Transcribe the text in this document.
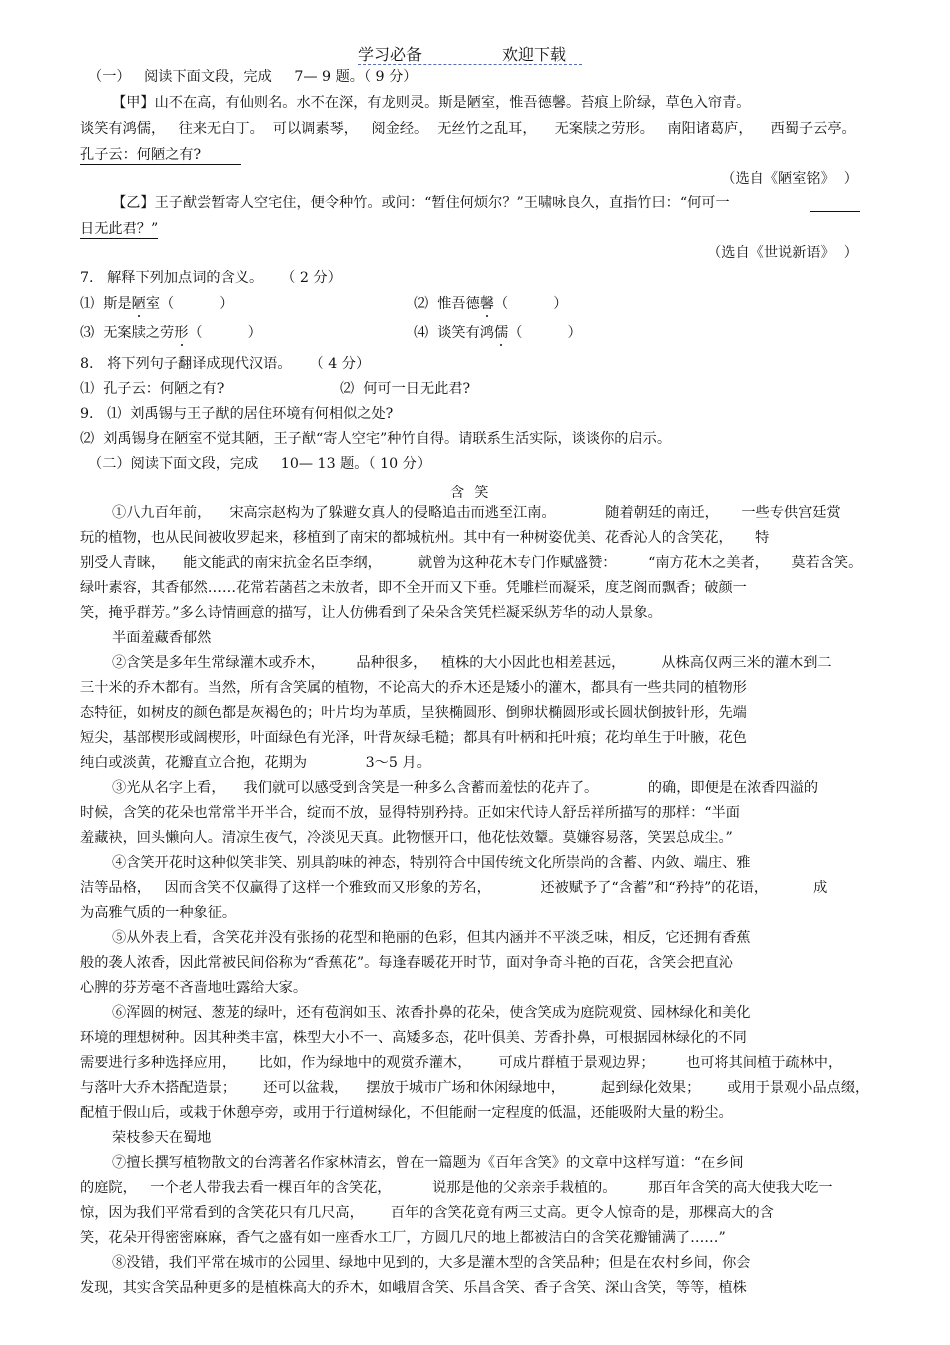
学习必备	欢迎下载
（一）   阅读下面文段，完成     7— 9 题。（ 9 分）
【甲】山不在高，有仙则名。水不在深，有龙则灵。斯是陋室，惟吾德馨。苔痕上阶绿，草色入帘青。
谈笑有鸿儒，   往来无白丁。  可以调素琴，   阅金经。  无丝竹之乱耳，    无案牍之劳形。   南阳诸葛庐，    西蜀子云亭。
孔子云：何陋之有?
（选自《陋室铭》  ）
【乙】王子猷尝暂寄人空宅住，便令种竹。或问：“暂住何烦尔？”王啸咏良久，直指竹曰：“何可一
日无此君？”
（选自《世说新语》  ）
7.   解释下列加点词的含义。    （ 2 分）
⑴ 斯是陋室（          ）	⑵ 惟吾德馨（          ）
⑶ 无案牍之劳形（          ）	⑷ 谈笑有鸿儒（          ）
8.   将下列句子翻译成现代汉语。    （ 4 分）
⑴  孔子云：何陋之有?	⑵  何可一日无此君?
9.   ⑴  刘禹锡与王子猷的居住环境有何相似之处?
⑵  刘禹锡身在陋室不觉其陋，王子猷“寄人空宅”种竹自得。请联系生活实际，谈谈你的启示。
（二）阅读下面文段，完成     10— 13 题。（ 10 分）
含笑
①八九百年前，    宋高宗赵构为了躲避女真人的侵略追击而逃至江南。           随着朝廷的南迁，     一些专供宫廷赏
玩的植物，也从民间被收罗起来，移植到了南宋的都城杭州。其中有一种树姿优美、花香沁人的含笑花，     特
别受人青睐，    能文能武的南宋抗金名臣李纲，        就曾为这种花木专门作赋盛赞：       “南方花木之美者，     莫若含笑。
绿叶素容，其香郁然……花常若菡萏之未放者，即不全开而又下垂。凭雕栏而凝采，度芝阁而飘香；破颜一
笑，掩乎群芳。”多么诗情画意的描写，让人仿佛看到了朵朵含笑凭栏凝采纵芳华的动人景象。
半面羞藏香郁然
②含笑是多年生常绿灌木或乔木，       品种很多，   植株的大小因此也相差甚远，        从株高仅两三米的灌木到二
三十米的乔木都有。当然，所有含笑属的植物，不论高大的乔木还是矮小的灌木，都具有一些共同的植物形
态特征，如树皮的颜色都是灰褐色的；叶片均为革质，呈狭椭圆形、倒卵状椭圆形或长圆状倒披针形，先端
短尖，基部楔形或阔楔形，叶面绿色有光泽，叶背灰绿毛糙；都具有叶柄和托叶痕；花均单生于叶腋，花色
纯白或淡黄，花瓣直立合抱，花期为             3～5 月。
③光从名字上看，    我们就可以感受到含笑是一种多么含蓄而羞怯的花卉了。           的确，即便是在浓香四溢的
时候，含笑的花朵也常常半开半合，绽而不放，显得特别矜持。正如宋代诗人舒岳祥所描写的那样：“半面
羞藏袂，回头懒向人。清凉生夜气，冷淡见天真。此物惬开口，他花怯效颦。莫嫌容易落，笑罢总成尘。”
④含笑开花时这种似笑非笑、别具韵味的神态，特别符合中国传统文化所崇尚的含蓄、内敛、端庄、雅
洁等品格，   因而含笑不仅赢得了这样一个雅致而又形象的芳名，           还被赋予了“含蓄”和“矜持”的花语，          成
为高雅气质的一种象征。
⑤从外表上看，含笑花并没有张扬的花型和艳丽的色彩，但其内涵并不平淡乏味，相反，它还拥有香蕉
般的袭人浓香，因此常被民间俗称为“香蕉花”。每逢春暖花开时节，面对争奇斗艳的百花，含笑会把直沁
心脾的芬芳毫不吝啬地吐露给大家。
⑥浑圆的树冠、葱茏的绿叶，还有苞润如玉、浓香扑鼻的花朵，使含笑成为庭院观赏、园林绿化和美化
环境的理想树种。因其种类丰富，株型大小不一、高矮多态，花叶俱美、芳香扑鼻，可根据园林绿化的不同
需要进行多种选择应用，     比如，作为绿地中的观赏乔灌木，      可成片群植于景观边界；       也可将其间植于疏林中，
与落叶大乔木搭配造景；      还可以盆栽，    摆放于城市广场和休闲绿地中，        起到绿化效果；      或用于景观小品点缀，
配植于假山后，或栽于休憩亭旁，或用于行道树绿化，不但能耐一定程度的低温，还能吸附大量的粉尘。
荣枝参天在蜀地
⑦擅长撰写植物散文的台湾著名作家林清玄，曾在一篇题为《百年含笑》的文章中这样写道：“在乡间
的庭院，   一个老人带我去看一棵百年的含笑花，         说那是他的父亲亲手栽植的。       那百年含笑的高大使我大吃一
惊，因为我们平常看到的含笑花只有几尺高，      百年的含笑花竟有两三丈高。更令人惊奇的是，那棵高大的含
笑，花朵开得密密麻麻，香气之盛有如一座香水工厂，方圆几尺的地上都被洁白的含笑花瓣铺满了……”
⑧没错，我们平常在城市的公园里、绿地中见到的，大多是灌木型的含笑品种；但是在农村乡间，你会
发现，其实含笑品种更多的是植株高大的乔木，如峨眉含笑、乐昌含笑、香子含笑、深山含笑，等等，植株
